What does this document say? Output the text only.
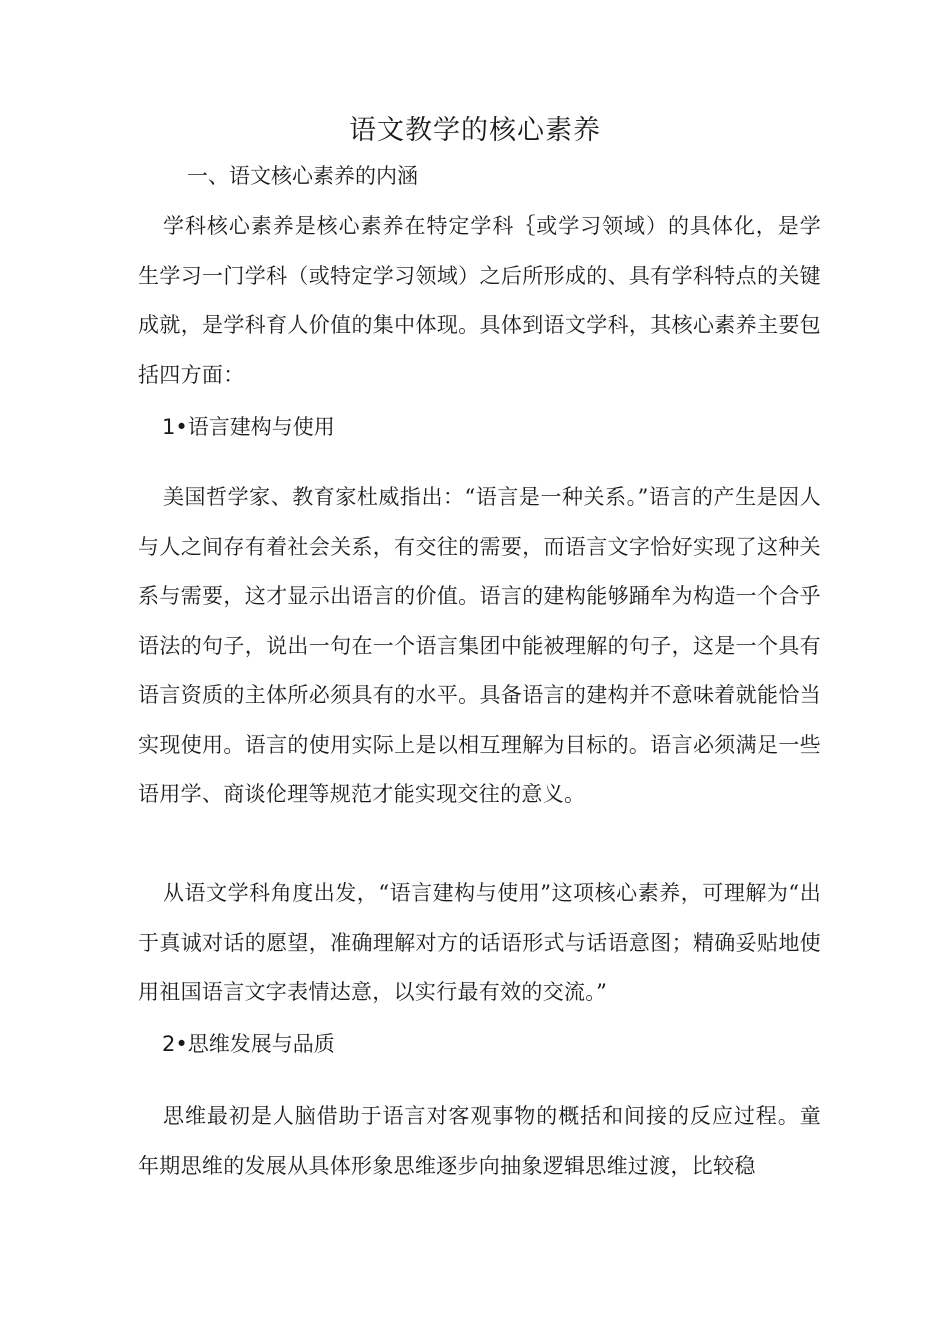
语文教学的核心素养
一、语文核心素养的内涵

学科核心素养是核心素养在特定学科｛或学习领域）的具体化，是学生学习一门学科（或特定学习领域）之后所形成的、具有学科特点的关键成就，是学科育人价值的集中体现。具体到语文学科，其核心素养主要包括四方面：

1•语言建构与使用

美国哲学家、教育家杜威指出：“语言是一种关系。”语言的产生是因人与人之间存有着社会关系，有交往的需要，而语言文字恰好实现了这种关系与需要，这才显示出语言的价值。语言的建构能够踊牟为构造一个合乎语法的句子，说出一句在一个语言集团中能被理解的句子，这是一个具有语言资质的主体所必须具有的水平。具备语言的建构并不意味着就能恰当实现使用。语言的使用实际上是以相互理解为目标的。语言必须满足一些语用学、商谈伦理等规范才能实现交往的意义。

从语文学科角度出发，“语言建构与使用”这项核心素养，可理解为“出于真诚对话的愿望，准确理解对方的话语形式与话语意图；精确妥贴地使用祖国语言文字表情达意，以实行最有效的交流。”

2•思维发展与品质

思维最初是人脑借助于语言对客观事物的概括和间接的反应过程。童年期思维的发展从具体形象思维逐步向抽象逻辑思维过渡，比较稳
